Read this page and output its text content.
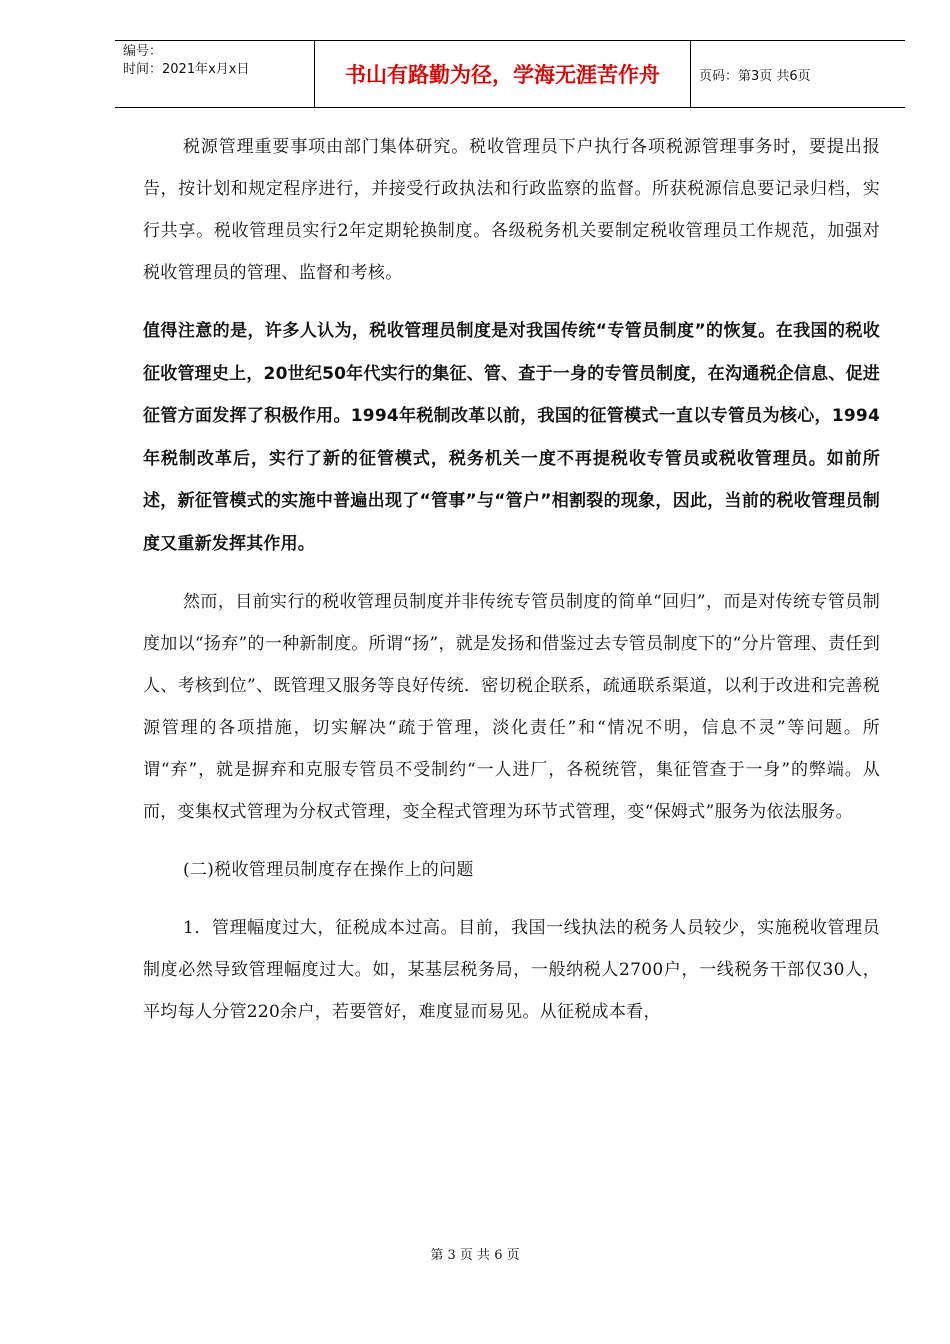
编号：
时间：2021年x月x日	书山有路勤为径，学海无涯苦作舟	页码：第3页 共6页

税源管理重要事项由部门集体研究。税收管理员下户执行各项税源管理事务时，要提出报告，按计划和规定程序进行，并接受行政执法和行政监察的监督。所获税源信息要记录归档，实行共享。税收管理员实行2年定期轮换制度。各级税务机关要制定税收管理员工作规范，加强对税收管理员的管理、监督和考核。

值得注意的是，许多人认为，税收管理员制度是对我国传统“专管员制度”的恢复。在我国的税收征收管理史上，20世纪50年代实行的集征、管、查于一身的专管员制度，在沟通税企信息、促进征管方面发挥了积极作用。1994年税制改革以前，我国的征管模式一直以专管员为核心，1994年税制改革后，实行了新的征管模式，税务机关一度不再提税收专管员或税收管理员。如前所述，新征管模式的实施中普遍出现了“管事”与“管户”相割裂的现象，因此，当前的税收管理员制度又重新发挥其作用。

然而，目前实行的税收管理员制度并非传统专管员制度的简单“回归”，而是对传统专管员制度加以“扬弃”的一种新制度。所谓“扬”，就是发扬和借鉴过去专管员制度下的“分片管理、责任到人、考核到位”、既管理又服务等良好传统．密切税企联系，疏通联系渠道，以利于改进和完善税源管理的各项措施，切实解决“疏于管理，淡化责任”和“情况不明，信息不灵”等问题。所谓“弃”，就是摒弃和克服专管员不受制约“一人进厂，各税统管，集征管查于一身”的弊端。从而，变集权式管理为分权式管理，变全程式管理为环节式管理，变“保姆式”服务为依法服务。

(二)税收管理员制度存在操作上的问题

1．管理幅度过大，征税成本过高。目前，我国一线执法的税务人员较少，实施税收管理员制度必然导致管理幅度过大。如，某基层税务局，一般纳税人2700户，一线税务干部仅30人，平均每人分管220余户，若要管好，难度显而易见。从征税成本看，

第 3 页 共 6 页
